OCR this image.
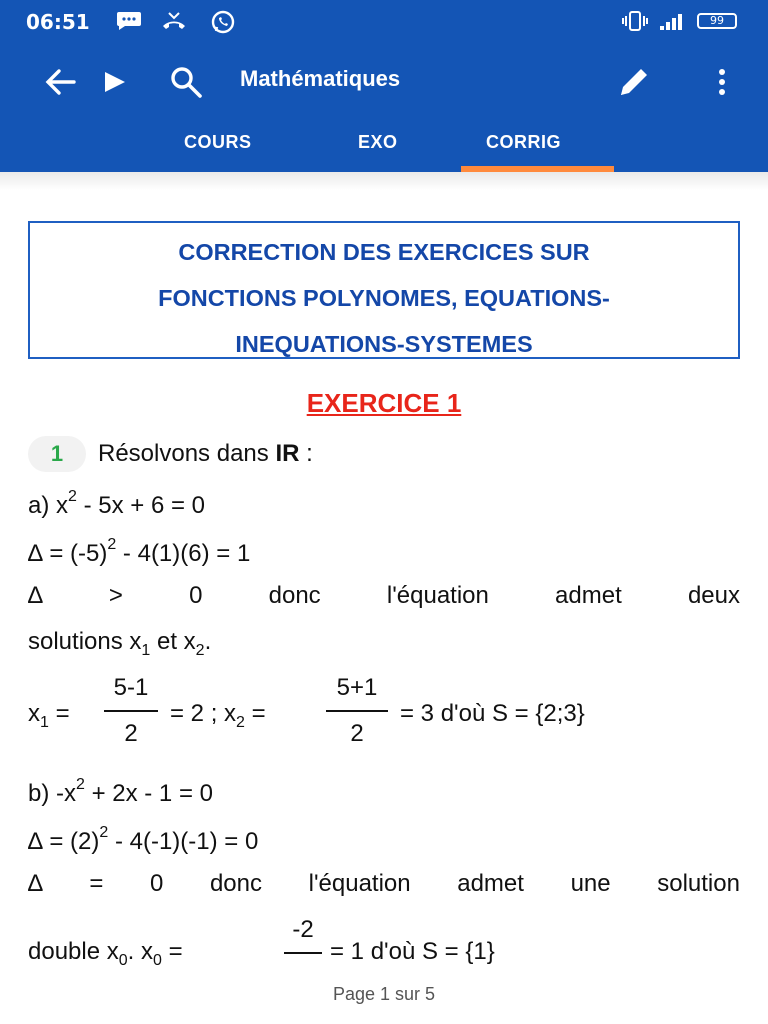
06:51	99
Mathématiques
COURS	EXO	CORRIG
CORRECTION DES EXERCICES SUR
FONCTIONS POLYNOMES, EQUATIONS-
INEQUATIONS-SYSTEMES
EXERCICE 1
1	Résolvons dans IR :
a) $x^2 - 5x + 6 = 0$
∆ = $(-5)^2 - 4(1)(6) = 1$
∆	>	0	donc	l'équation	admet	deux
solutions $x_1$ et $x_2$.
$x_1$ =
5-1
2
= 2 ; $x_2$ =
5+1
2
= 3 d'où S = {2;3}
b) $-x^2 + 2x - 1 = 0$
∆ = $(2)^2 - 4(-1)(-1) = 0$
∆ = 0 donc l'équation admet une solution
double $x_0$. $x_0$ =
-2
= 1 d'où S = {1}
Page 1 sur 5
